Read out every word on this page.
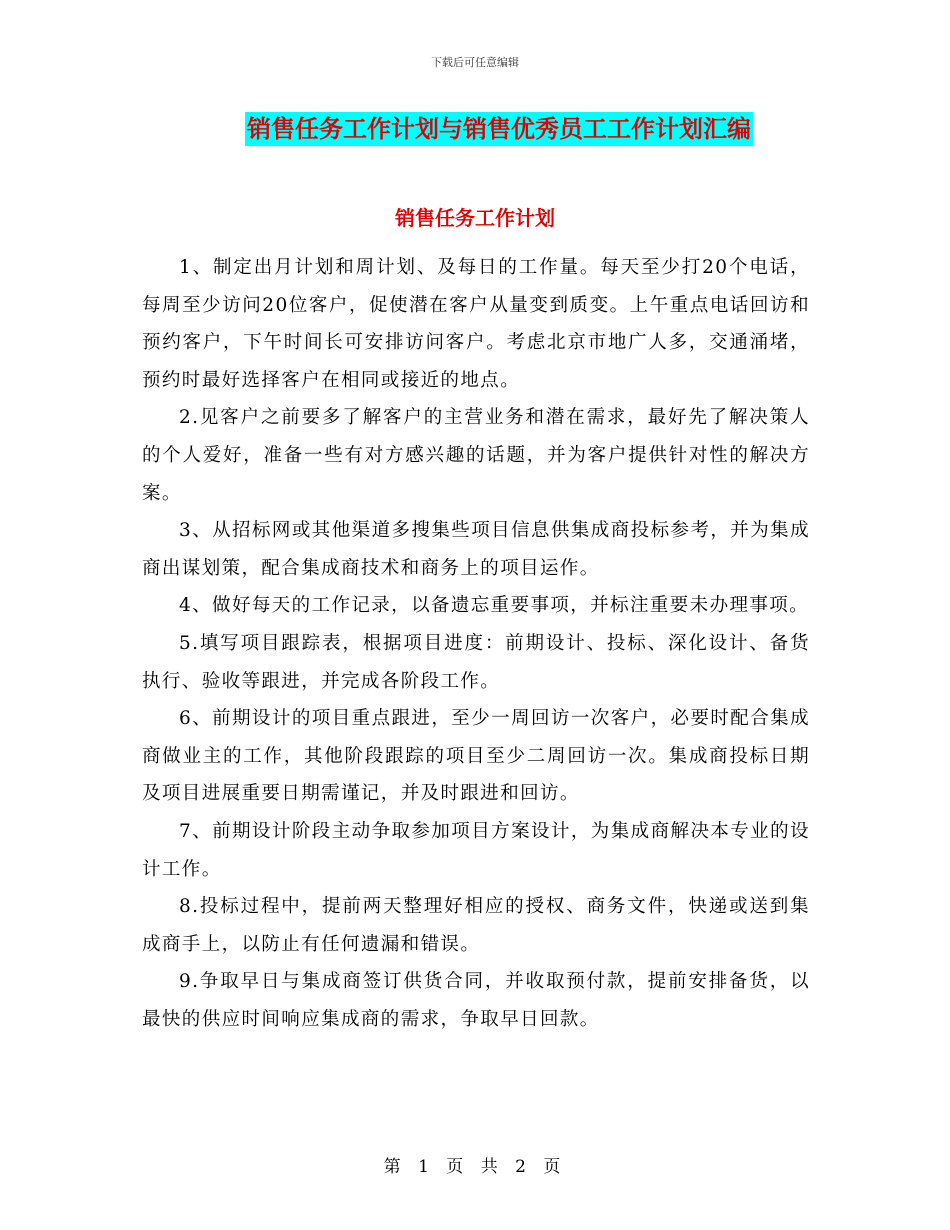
下载后可任意编辑
销售任务工作计划与销售优秀员工工作计划汇编
销售任务工作计划

1、制定出月计划和周计划、及每日的工作量。每天至少打20个电话，每周至少访问20位客户，促使潜在客户从量变到质变。上午重点电话回访和预约客户，下午时间长可安排访问客户。考虑北京市地广人多，交通涌堵，预约时最好选择客户在相同或接近的地点。

2.见客户之前要多了解客户的主营业务和潜在需求，最好先了解决策人的个人爱好，准备一些有对方感兴趣的话题，并为客户提供针对性的解决方案。

3、从招标网或其他渠道多搜集些项目信息供集成商投标参考，并为集成商出谋划策，配合集成商技术和商务上的项目运作。

4、做好每天的工作记录，以备遗忘重要事项，并标注重要未办理事项。

5.填写项目跟踪表，根据项目进度：前期设计、投标、深化设计、备货执行、验收等跟进，并完成各阶段工作。

6、前期设计的项目重点跟进，至少一周回访一次客户，必要时配合集成商做业主的工作，其他阶段跟踪的项目至少二周回访一次。集成商投标日期及项目进展重要日期需谨记，并及时跟进和回访。

7、前期设计阶段主动争取参加项目方案设计，为集成商解决本专业的设计工作。

8.投标过程中，提前两天整理好相应的授权、商务文件，快递或送到集成商手上，以防止有任何遗漏和错误。

9.争取早日与集成商签订供货合同，并收取预付款，提前安排备货，以最快的供应时间响应集成商的需求，争取早日回款。

第 1 页 共 2 页
